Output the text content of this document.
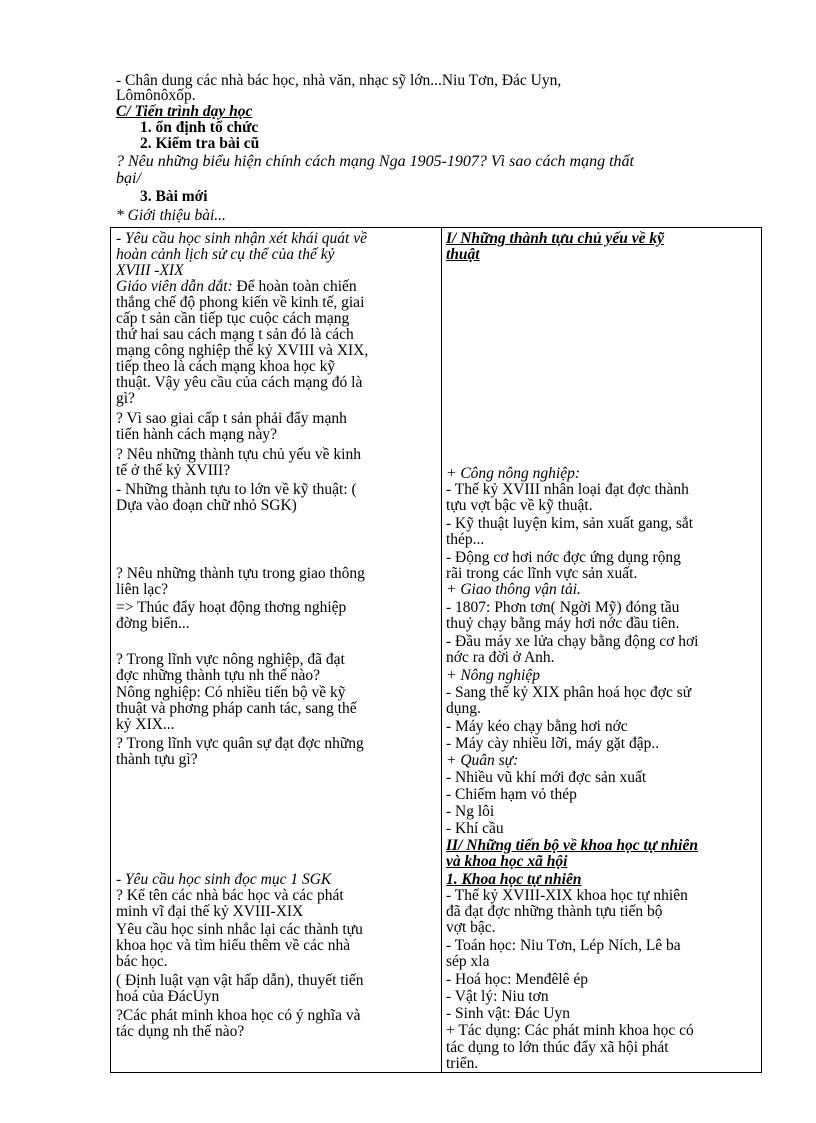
- Chân dung các nhà bác học, nhà văn, nhạc sỹ lớn...Niu Tơn, Đác Uyn,
Lômônôxốp.
C/ Tiến trình dạy học
1. ổn định tổ chức
2. Kiểm tra bài cũ
? Nêu những biểu hiện chính cách mạng Nga 1905-1907? Vì sao cách mạng thất
bại/
3. Bài mới
* Giới thiệu bài...
- Yêu cầu học sinh nhận xét khái quát về
hoàn cảnh lịch sử cụ thể của thế kỷ
XVIII -XIX
Giáo viên dẫn dắt: Để hoàn toàn chiến
thắng chế độ phong kiến về kinh tế, giai
cấp t sản cần tiếp tục cuộc cách mạng
thứ hai sau cách mạng t sản đó là cách
mạng công nghiệp thế kỷ XVIII và XIX,
tiếp theo là cách mạng khoa học kỹ
thuật. Vậy yêu cầu của cách mạng đó là
gì?
? Vì sao giai cấp t sản phải đẩy mạnh
tiến hành cách mạng này?
? Nêu những thành tựu chủ yếu về kinh
tế ở thế kỷ XVIII?
- Những thành tựu to lớn về kỹ thuật: (
Dựa vào đoạn chữ nhỏ SGK)
? Nêu những thành tựu trong giao thông
liên lạc?
=> Thúc đẩy hoạt động thơng nghiệp
đờng biển...
? Trong lĩnh vực nông nghiệp, đã đạt
đợc những thành tựu nh thế nào?
Nông nghiệp: Có nhiều tiến bộ về kỹ
thuật và phơng pháp canh tác, sang thế
kỷ XIX...
? Trong lĩnh vực quân sự đạt đợc những
thành tựu gì?
- Yêu cầu học sinh đọc mục 1 SGK
? Kể tên các nhà bác học và các phát
minh vĩ đại thế kỷ XVIII-XIX
Yêu cầu học sinh nhắc lại các thành tựu
khoa học và tìm hiểu thêm về các nhà
bác học.
( Định luật vạn vật hấp dẫn), thuyết tiến
hoá của ĐácUyn
?Các phát minh khoa học có ý nghĩa và
tác dụng nh thế nào?
I/ Những thành tựu chủ yếu về kỹ
thuật
+ Công nông nghiệp:
- Thế kỷ XVIII nhân loại đạt đợc thành
tựu vợt bậc về kỹ thuật.
- Kỹ thuật luyện kim, sản xuất gang, sắt
thép...
- Động cơ hơi nớc đợc ứng dụng rộng
rãi trong các lĩnh vực sản xuất.
+ Giao thông vận tải.
- 1807: Phơn tơn( Ngời Mỹ) đóng tầu
thuỷ chạy bằng máy hơi nớc đầu tiên.
- Đầu máy xe lửa chạy bằng động cơ hơi
nớc ra đời ở Anh.
+ Nông nghiệp
- Sang thế kỷ XIX phân hoá học đợc sử
dụng.
- Máy kéo chạy bằng hơi nớc
- Máy cày nhiều lỡi, máy gặt đập..
+ Quân sự:
- Nhiều vũ khí mới đợc sản xuất
- Chiếm hạm vỏ thép
- Ng lôi
- Khí cầu
II/ Những tiến bộ về khoa học tự nhiên
và khoa học xã hội
1. Khoa học tự nhiên
- Thế kỷ XVIII-XIX khoa học tự nhiên
đã đạt đợc những thành tựu tiến bộ
vợt bậc.
- Toán học: Niu Tơn, Lép Ních, Lê ba
sép xla
- Hoá học: Menđêlê ép
- Vật lý: Niu tơn
- Sinh vật: Đác Uyn
+ Tác dụng: Các phát minh khoa học có
tác dụng to lớn thúc đẩy xã hội phát
triển.
